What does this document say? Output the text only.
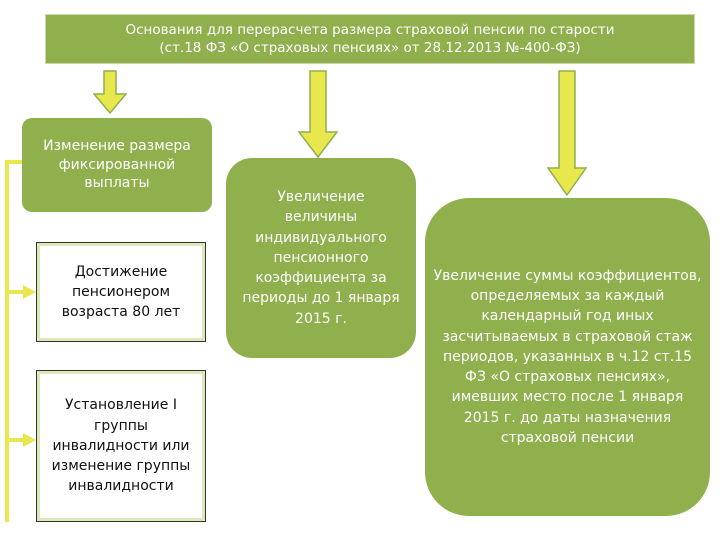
Основания для перерасчета размера страховой пенсии по старости
(ст.18 ФЗ «О страховых пенсиях» от 28.12.2013 №-400-ФЗ)
Изменение размера фиксированной выплаты
Увеличение величины индивидуального пенсионного коэффициента за периоды до 1 января 2015 г.
Увеличение суммы коэффициентов, определяемых за каждый календарный год иных засчитываемых в страховой стаж периодов, указанных в ч.12 ст.15 ФЗ «О страховых пенсиях», имевших место после 1 января 2015 г. до даты назначения страховой пенсии
Достижение пенсионером возраста 80 лет
Установление I группы инвалидности или изменение группы инвалидности
